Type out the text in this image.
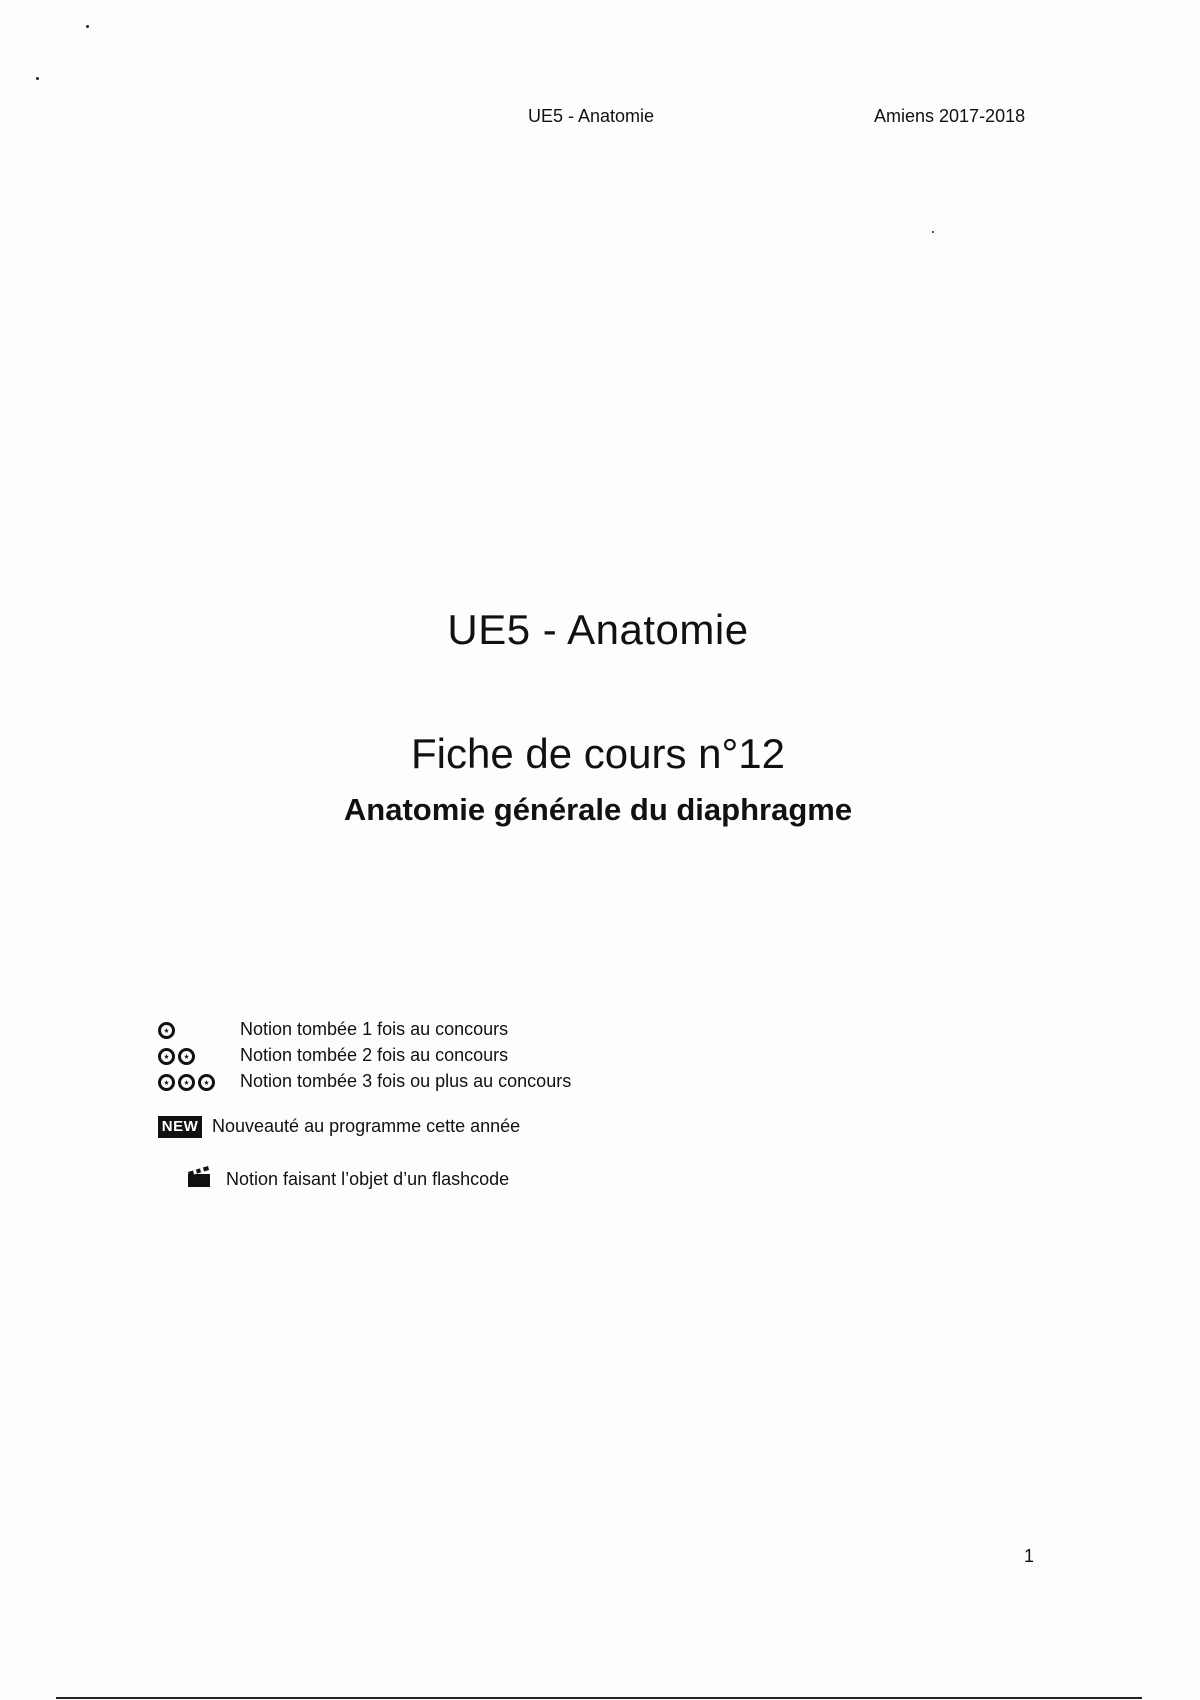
UE5 - Anatomie	Amiens 2017-2018
UE5 - Anatomie
Fiche de cours n°12
Anatomie générale du diaphragme
Notion tombée 1 fois au concours
Notion tombée 2 fois au concours
Notion tombée 3 fois ou plus au concours
NEW Nouveauté au programme cette année
Notion faisant l’objet d’un flashcode
1
